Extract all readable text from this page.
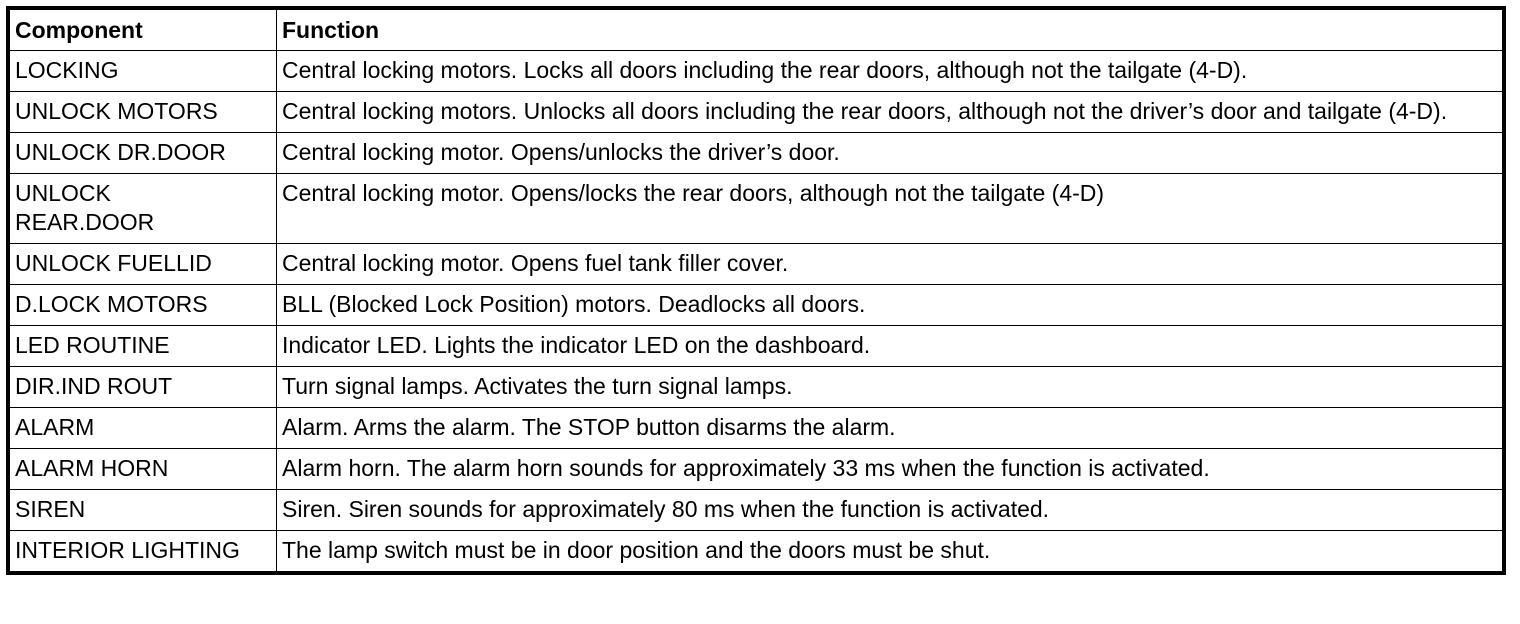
Component	Function
LOCKING	Central locking motors. Locks all doors including the rear doors, although not the tailgate (4-D).
UNLOCK MOTORS	Central locking motors. Unlocks all doors including the rear doors, although not the driver’s door and tailgate (4-D).
UNLOCK DR.DOOR	Central locking motor. Opens/unlocks the driver’s door.
UNLOCK REAR.DOOR	Central locking motor. Opens/locks the rear doors, although not the tailgate (4-D)
UNLOCK FUELLID	Central locking motor. Opens fuel tank filler cover.
D.LOCK MOTORS	BLL (Blocked Lock Position) motors. Deadlocks all doors.
LED ROUTINE	Indicator LED. Lights the indicator LED on the dashboard.
DIR.IND ROUT	Turn signal lamps. Activates the turn signal lamps.
ALARM	Alarm. Arms the alarm. The STOP button disarms the alarm.
ALARM HORN	Alarm horn. The alarm horn sounds for approximately 33 ms when the function is activated.
SIREN	Siren. Siren sounds for approximately 80 ms when the function is activated.
INTERIOR LIGHTING	The lamp switch must be in door position and the doors must be shut.
